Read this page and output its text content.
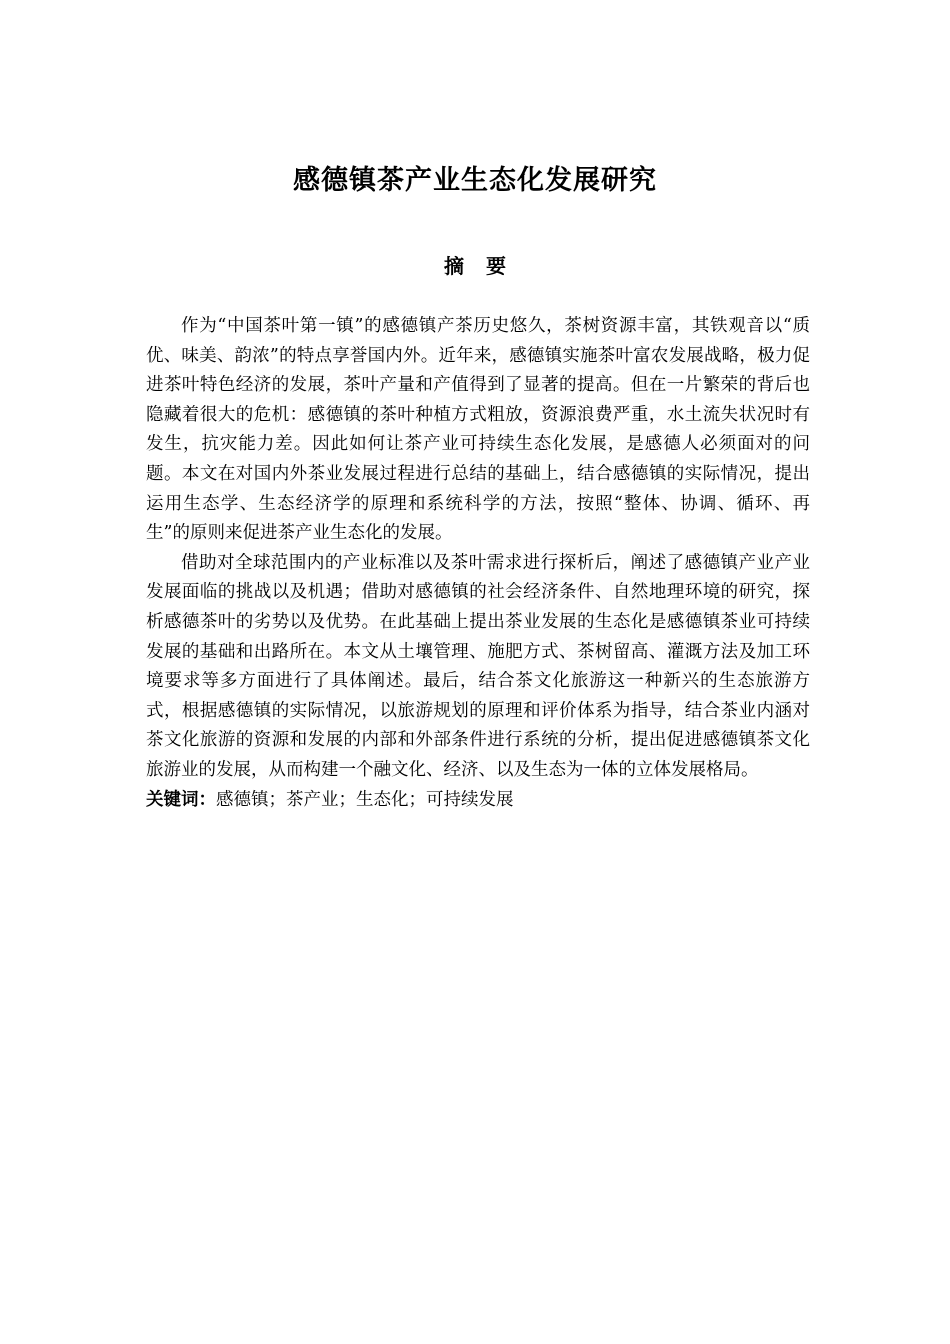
感德镇茶产业生态化发展研究
摘要

作为“中国茶叶第一镇”的感德镇产茶历史悠久，茶树资源丰富，其铁观音以“质优、味美、韵浓”的特点享誉国内外。近年来，感德镇实施茶叶富农发展战略，极力促进茶叶特色经济的发展，茶叶产量和产值得到了显著的提高。但在一片繁荣的背后也隐藏着很大的危机：感德镇的茶叶种植方式粗放，资源浪费严重，水土流失状况时有发生，抗灾能力差。因此如何让茶产业可持续生态化发展，是感德人必须面对的问题。本文在对国内外茶业发展过程进行总结的基础上，结合感德镇的实际情况，提出运用生态学、生态经济学的原理和系统科学的方法，按照“整体、协调、循环、再生”的原则来促进茶产业生态化的发展。

借助对全球范围内的产业标准以及茶叶需求进行探析后，阐述了感德镇产业产业发展面临的挑战以及机遇；借助对感德镇的社会经济条件、自然地理环境的研究，探析感德茶叶的劣势以及优势。在此基础上提出茶业发展的生态化是感德镇茶业可持续发展的基础和出路所在。本文从土壤管理、施肥方式、茶树留高、灌溉方法及加工环境要求等多方面进行了具体阐述。最后，结合茶文化旅游这一种新兴的生态旅游方式，根据感德镇的实际情况，以旅游规划的原理和评价体系为指导，结合茶业内涵对茶文化旅游的资源和发展的内部和外部条件进行系统的分析，提出促进感德镇茶文化旅游业的发展，从而构建一个融文化、经济、以及生态为一体的立体发展格局。

关键词：感德镇；茶产业；生态化；可持续发展
